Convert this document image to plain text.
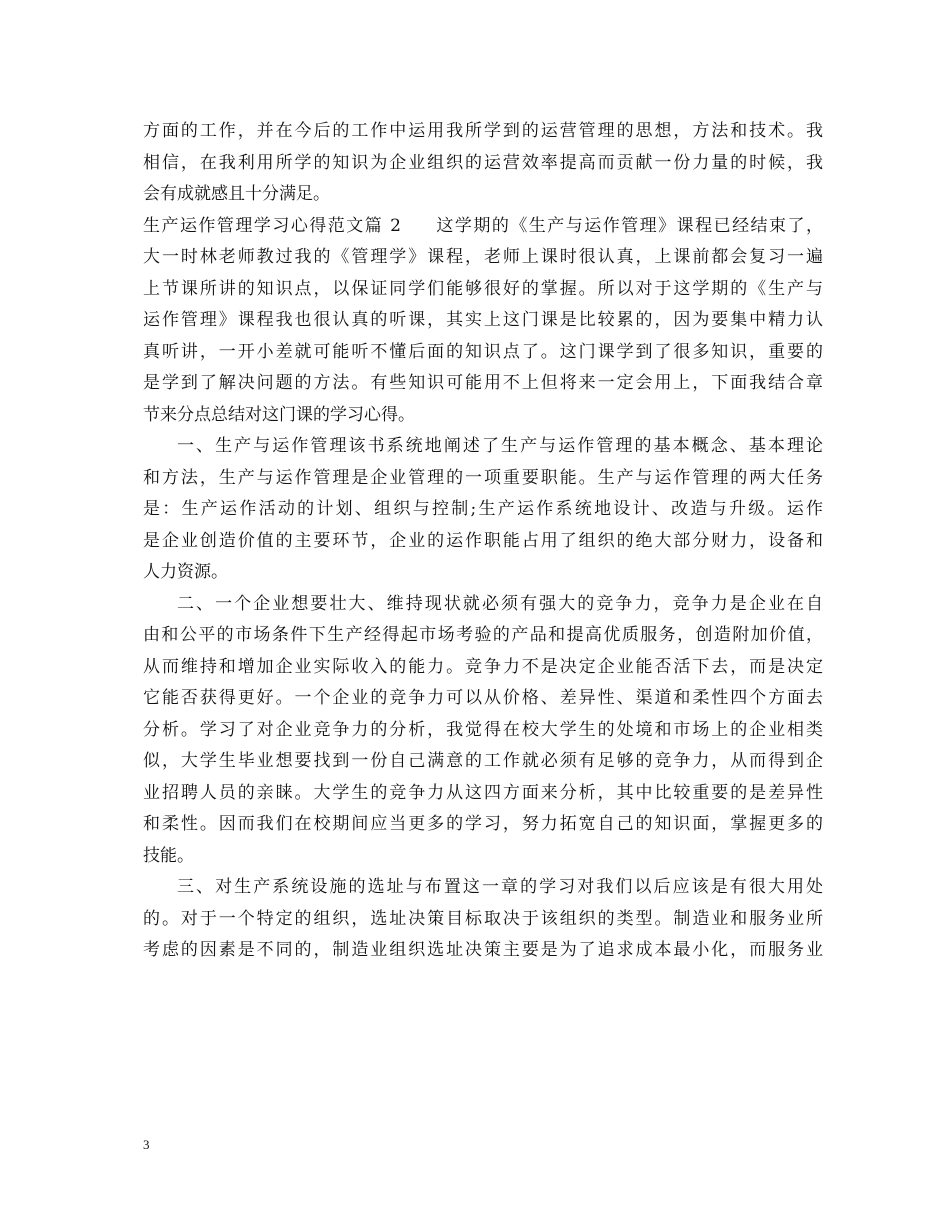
方面的工作，并在今后的工作中运用我所学到的运营管理的思想，方法和技术。我
相信，在我利用所学的知识为企业组织的运营效率提高而贡献一份力量的时候，我
会有成就感且十分满足。
生产运作管理学习心得范文篇 2 这学期的《生产与运作管理》课程已经结束了，
大一时林老师教过我的《管理学》课程，老师上课时很认真，上课前都会复习一遍
上节课所讲的知识点，以保证同学们能够很好的掌握。所以对于这学期的《生产与
运作管理》课程我也很认真的听课，其实上这门课是比较累的，因为要集中精力认
真听讲，一开小差就可能听不懂后面的知识点了。这门课学到了很多知识，重要的
是学到了解决问题的方法。有些知识可能用不上但将来一定会用上，下面我结合章
节来分点总结对这门课的学习心得。
一、生产与运作管理该书系统地阐述了生产与运作管理的基本概念、基本理论
和方法，生产与运作管理是企业管理的一项重要职能。生产与运作管理的两大任务
是：生产运作活动的计划、组织与控制;生产运作系统地设计、改造与升级。运作
是企业创造价值的主要环节，企业的运作职能占用了组织的绝大部分财力，设备和
人力资源。
二、一个企业想要壮大、维持现状就必须有强大的竞争力，竞争力是企业在自
由和公平的市场条件下生产经得起市场考验的产品和提高优质服务，创造附加价值，
从而维持和增加企业实际收入的能力。竞争力不是决定企业能否活下去，而是决定
它能否获得更好。一个企业的竞争力可以从价格、差异性、渠道和柔性四个方面去
分析。学习了对企业竞争力的分析，我觉得在校大学生的处境和市场上的企业相类
似，大学生毕业想要找到一份自己满意的工作就必须有足够的竞争力，从而得到企
业招聘人员的亲睐。大学生的竞争力从这四方面来分析，其中比较重要的是差异性
和柔性。因而我们在校期间应当更多的学习，努力拓宽自己的知识面，掌握更多的
技能。
三、对生产系统设施的选址与布置这一章的学习对我们以后应该是有很大用处
的。对于一个特定的组织，选址决策目标取决于该组织的类型。制造业和服务业所
考虑的因素是不同的，制造业组织选址决策主要是为了追求成本最小化，而服务业
3
